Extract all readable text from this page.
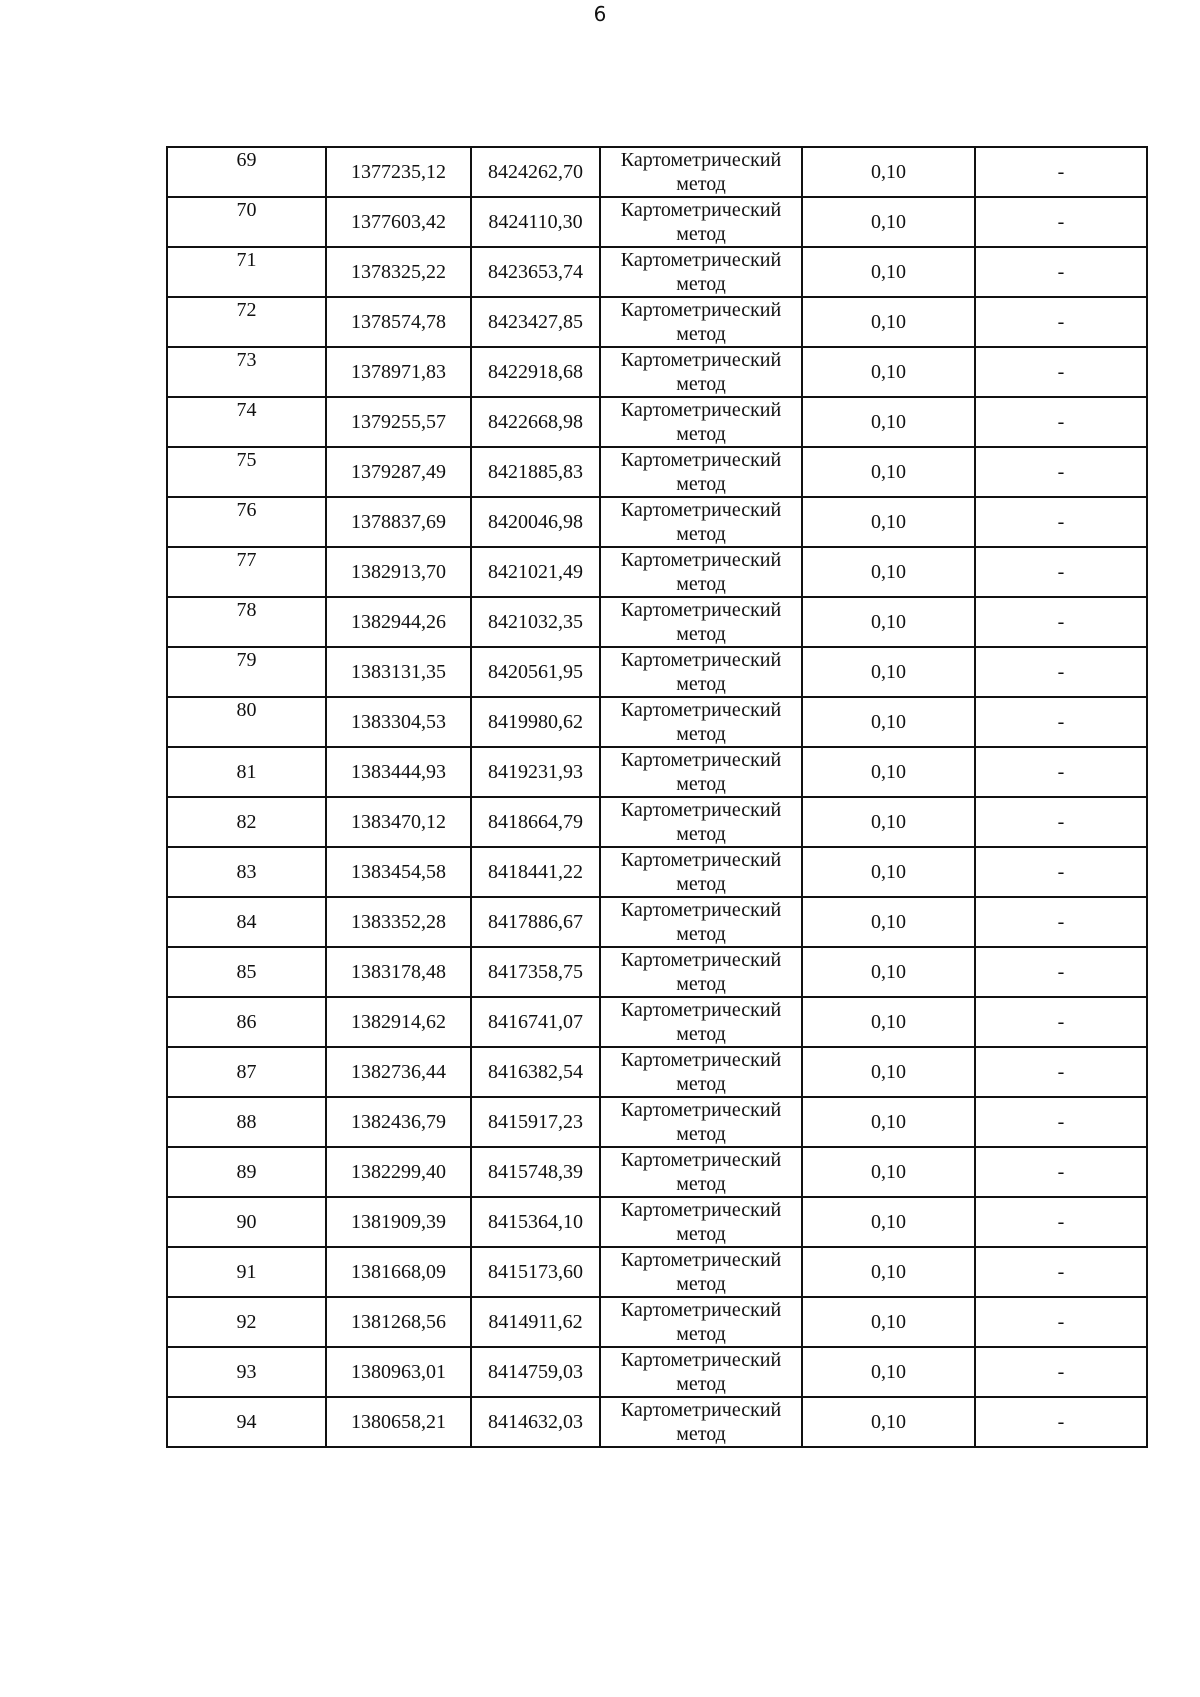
6
69	1377235,12	8424262,70	Картометрический
метод	0,10	-
70	1377603,42	8424110,30	Картометрический
метод	0,10	-
71	1378325,22	8423653,74	Картометрический
метод	0,10	-
72	1378574,78	8423427,85	Картометрический
метод	0,10	-
73	1378971,83	8422918,68	Картометрический
метод	0,10	-
74	1379255,57	8422668,98	Картометрический
метод	0,10	-
75	1379287,49	8421885,83	Картометрический
метод	0,10	-
76	1378837,69	8420046,98	Картометрический
метод	0,10	-
77	1382913,70	8421021,49	Картометрический
метод	0,10	-
78	1382944,26	8421032,35	Картометрический
метод	0,10	-
79	1383131,35	8420561,95	Картометрический
метод	0,10	-
80	1383304,53	8419980,62	Картометрический
метод	0,10	-
81	1383444,93	8419231,93	Картометрический
метод	0,10	-
82	1383470,12	8418664,79	Картометрический
метод	0,10	-
83	1383454,58	8418441,22	Картометрический
метод	0,10	-
84	1383352,28	8417886,67	Картометрический
метод	0,10	-
85	1383178,48	8417358,75	Картометрический
метод	0,10	-
86	1382914,62	8416741,07	Картометрический
метод	0,10	-
87	1382736,44	8416382,54	Картометрический
метод	0,10	-
88	1382436,79	8415917,23	Картометрический
метод	0,10	-
89	1382299,40	8415748,39	Картометрический
метод	0,10	-
90	1381909,39	8415364,10	Картометрический
метод	0,10	-
91	1381668,09	8415173,60	Картометрический
метод	0,10	-
92	1381268,56	8414911,62	Картометрический
метод	0,10	-
93	1380963,01	8414759,03	Картометрический
метод	0,10	-
94	1380658,21	8414632,03	Картометрический
метод	0,10	-
